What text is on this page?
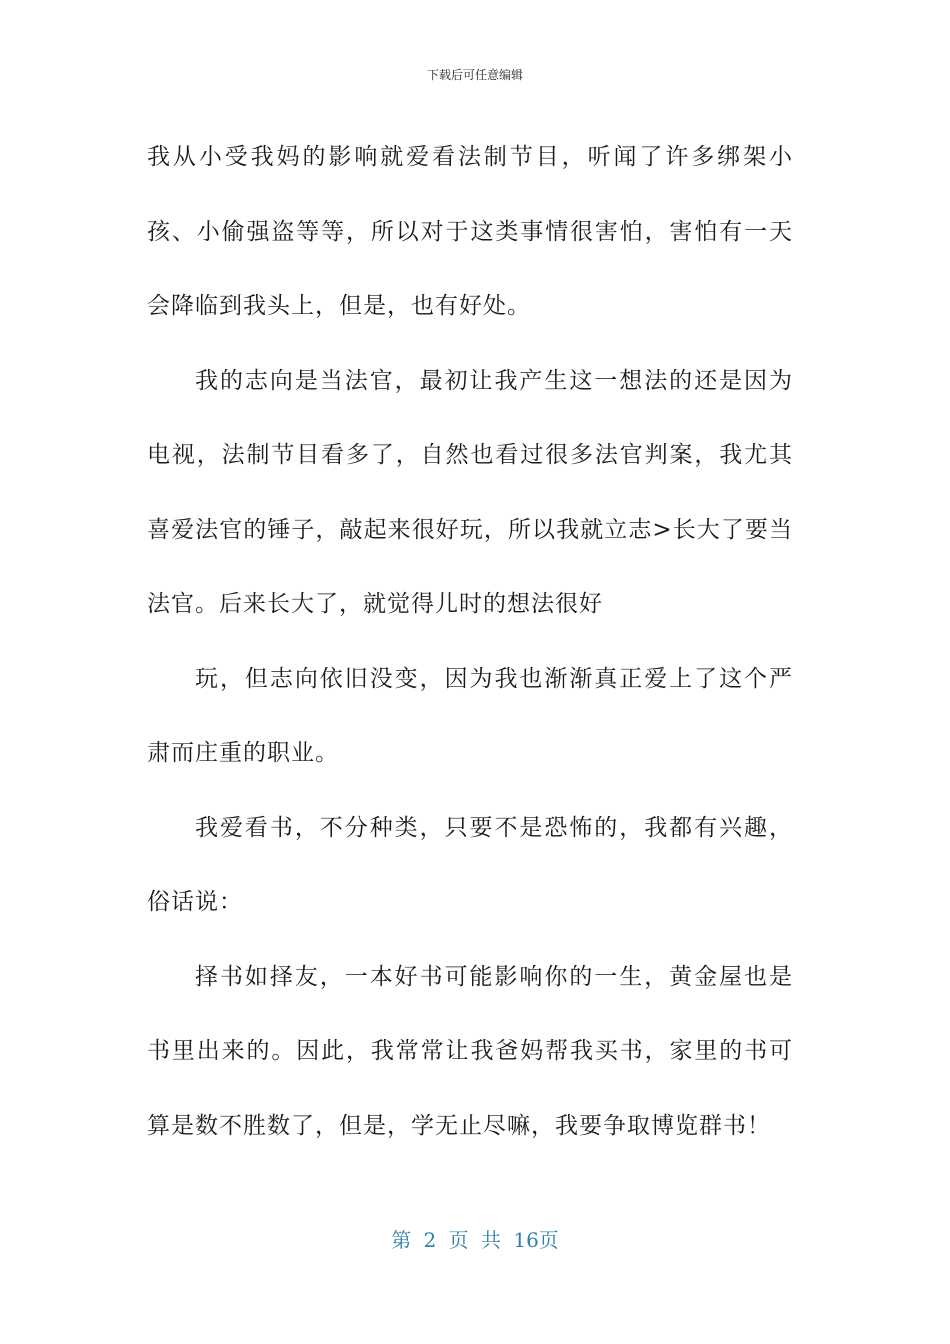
下载后可任意编辑

我从小受我妈的影响就爱看法制节目，听闻了许多绑架小孩、小偷强盗等等，所以对于这类事情很害怕，害怕有一天会降临到我头上，但是，也有好处。

我的志向是当法官，最初让我产生这一想法的还是因为电视，法制节目看多了，自然也看过很多法官判案，我尤其喜爱法官的锤子，敲起来很好玩，所以我就立志>长大了要当法官。后来长大了，就觉得儿时的想法很好

玩，但志向依旧没变，因为我也渐渐真正爱上了这个严肃而庄重的职业。

我爱看书，不分种类，只要不是恐怖的，我都有兴趣，俗话说：

择书如择友，一本好书可能影响你的一生，黄金屋也是书里出来的。因此，我常常让我爸妈帮我买书，家里的书可算是数不胜数了，但是，学无止尽嘛，我要争取博览群书！

第 2 页 共 16页
